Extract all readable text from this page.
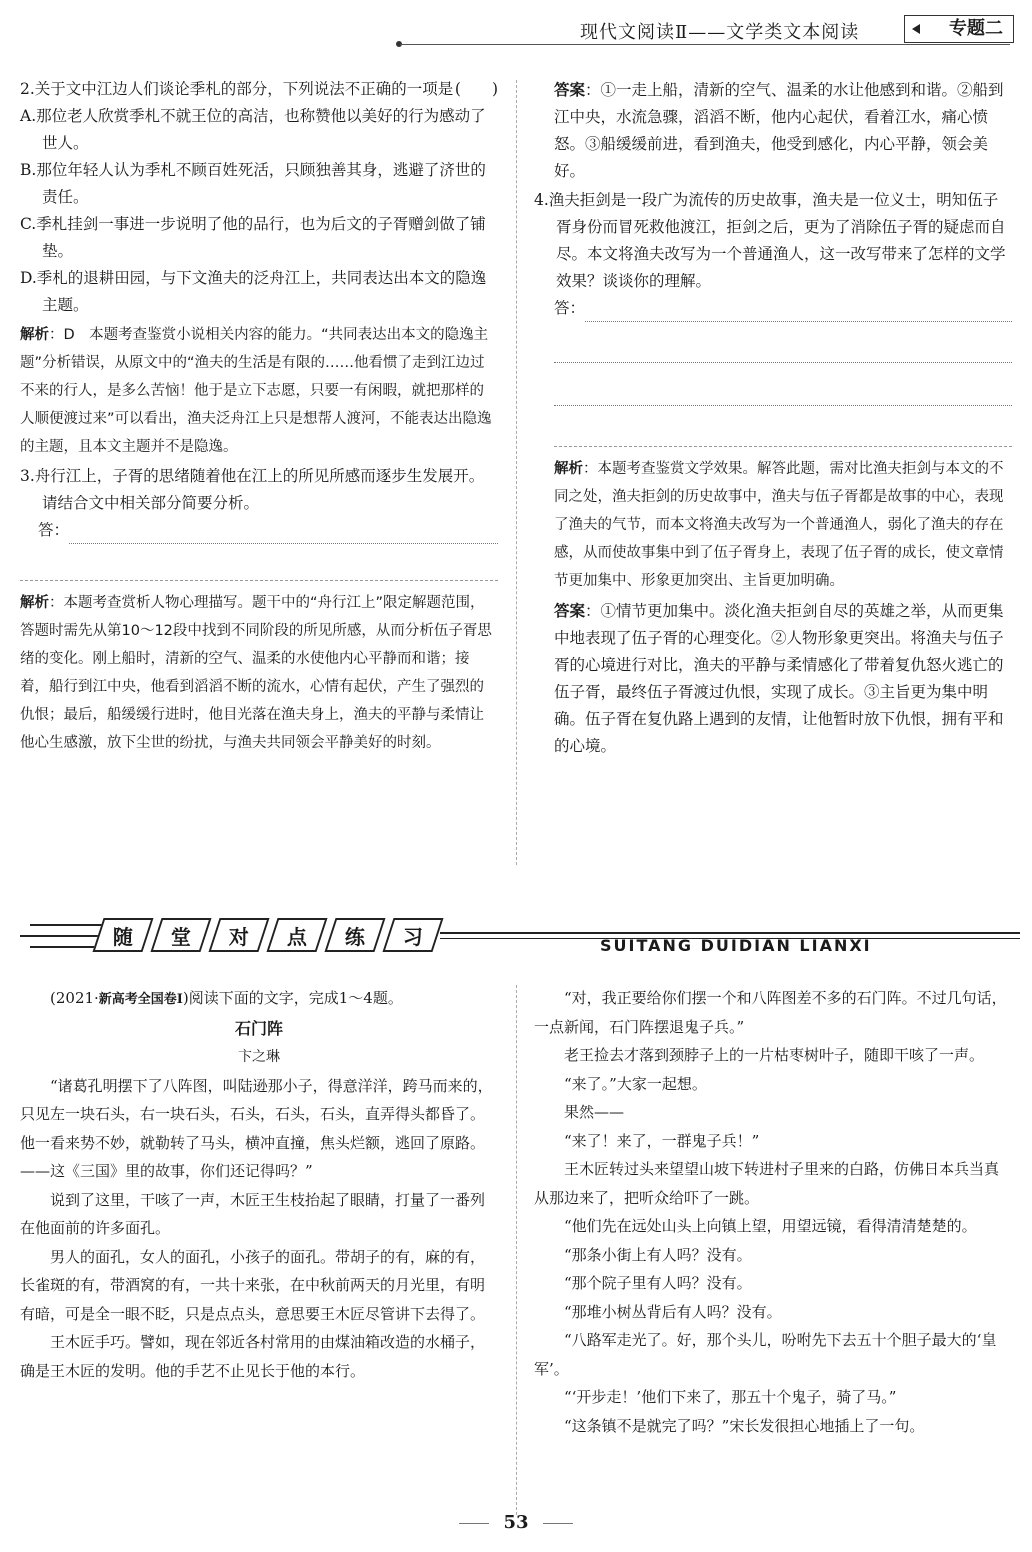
现代文阅读Ⅱ——文学类文本阅读	专题二

2.关于文中江边人们谈论季札的部分，下列说法不正确的一项是 (　　)

A.那位老人欣赏季札不就王位的高洁，也称赞他以美好的行为感动了世人。

B.那位年轻人认为季札不顾百姓死活，只顾独善其身，逃避了济世的责任。

C.季札挂剑一事进一步说明了他的品行，也为后文的子胥赠剑做了铺垫。

D.季札的退耕田园，与下文渔夫的泛舟江上，共同表达出本文的隐逸主题。

解析：D　本题考查鉴赏小说相关内容的能力。“共同表达出本文的隐逸主题”分析错误，从原文中的“渔夫的生活是有限的……他看惯了走到江边过不来的行人，是多么苦恼！他于是立下志愿，只要一有闲暇，就把那样的人顺便渡过来”可以看出，渔夫泛舟江上只是想帮人渡河，不能表达出隐逸的主题，且本文主题并不是隐逸。

3.舟行江上，子胥的思绪随着他在江上的所见所感而逐步生发展开。请结合文中相关部分简要分析。

答：

解析：本题考查赏析人物心理描写。题干中的“舟行江上”限定解题范围，答题时需先从第10～12段中找到不同阶段的所见所感，从而分析伍子胥思绪的变化。刚上船时，清新的空气、温柔的水使他内心平静而和谐；接着，船行到江中央，他看到滔滔不断的流水，心情有起伏，产生了强烈的仇恨；最后，船缓缓行进时，他目光落在渔夫身上，渔夫的平静与柔情让他心生感激，放下尘世的纷扰，与渔夫共同领会平静美好的时刻。

答案：①一走上船，清新的空气、温柔的水让他感到和谐。②船到江中央，水流急骤，滔滔不断，他内心起伏，看着江水，痛心愤怒。③船缓缓前进，看到渔夫，他受到感化，内心平静，领会美好。

4.渔夫拒剑是一段广为流传的历史故事，渔夫是一位义士，明知伍子胥身份而冒死救他渡江，拒剑之后，更为了消除伍子胥的疑虑而自尽。本文将渔夫改写为一个普通渔人，这一改写带来了怎样的文学效果？谈谈你的理解。

答：

解析：本题考查鉴赏文学效果。解答此题，需对比渔夫拒剑与本文的不同之处，渔夫拒剑的历史故事中，渔夫与伍子胥都是故事的中心，表现了渔夫的气节，而本文将渔夫改写为一个普通渔人，弱化了渔夫的存在感，从而使故事集中到了伍子胥身上，表现了伍子胥的成长，使文章情节更加集中、形象更加突出、主旨更加明确。

答案：①情节更加集中。淡化渔夫拒剑自尽的英雄之举，从而更集中地表现了伍子胥的心理变化。②人物形象更突出。将渔夫与伍子胥的心境进行对比，渔夫的平静与柔情感化了带着复仇怒火逃亡的伍子胥，最终伍子胥渡过仇恨，实现了成长。③主旨更为集中明确。伍子胥在复仇路上遇到的友情，让他暂时放下仇恨，拥有平和的心境。

随 堂 对 点 练 习	SUITANG DUIDIAN LIANXI

(2021·新高考全国卷Ⅰ)阅读下面的文字，完成1～4题。

石门阵

卞之琳

“诸葛孔明摆下了八阵图，叫陆逊那小子，得意洋洋，跨马而来的，只见左一块石头，右一块石头，石头，石头，石头，直弄得头都昏了。他一看来势不妙，就勒转了马头，横冲直撞，焦头烂额，逃回了原路。——这《三国》里的故事，你们还记得吗？”

说到了这里，干咳了一声，木匠王生枝抬起了眼睛，打量了一番列在他面前的许多面孔。

男人的面孔，女人的面孔，小孩子的面孔。带胡子的有，麻的有，长雀斑的有，带酒窝的有，一共十来张，在中秋前两天的月光里，有明有暗，可是全一眼不眨，只是点点头，意思要王木匠尽管讲下去得了。

王木匠手巧。譬如，现在邻近各村常用的由煤油箱改造的水桶子，确是王木匠的发明。他的手艺不止见长于他的本行。

“对，我正要给你们摆一个和八阵图差不多的石门阵。不过几句话，一点新闻，石门阵摆退鬼子兵。”

老王捡去才落到颈脖子上的一片枯枣树叶子，随即干咳了一声。

“来了。”大家一起想。

果然——

“来了！来了，一群鬼子兵！”

王木匠转过头来望望山坡下转进村子里来的白路，仿佛日本兵当真从那边来了，把听众给吓了一跳。

“他们先在远处山头上向镇上望，用望远镜，看得清清楚楚的。

“那条小街上有人吗？没有。

“那个院子里有人吗？没有。

“那堆小树丛背后有人吗？没有。

“八路军走光了。好，那个头儿，吩咐先下去五十个胆子最大的‘皇军’。

“‘开步走！’他们下来了，那五十个鬼子，骑了马。”

“这条镇不是就完了吗？”宋长发很担心地插上了一句。

53
